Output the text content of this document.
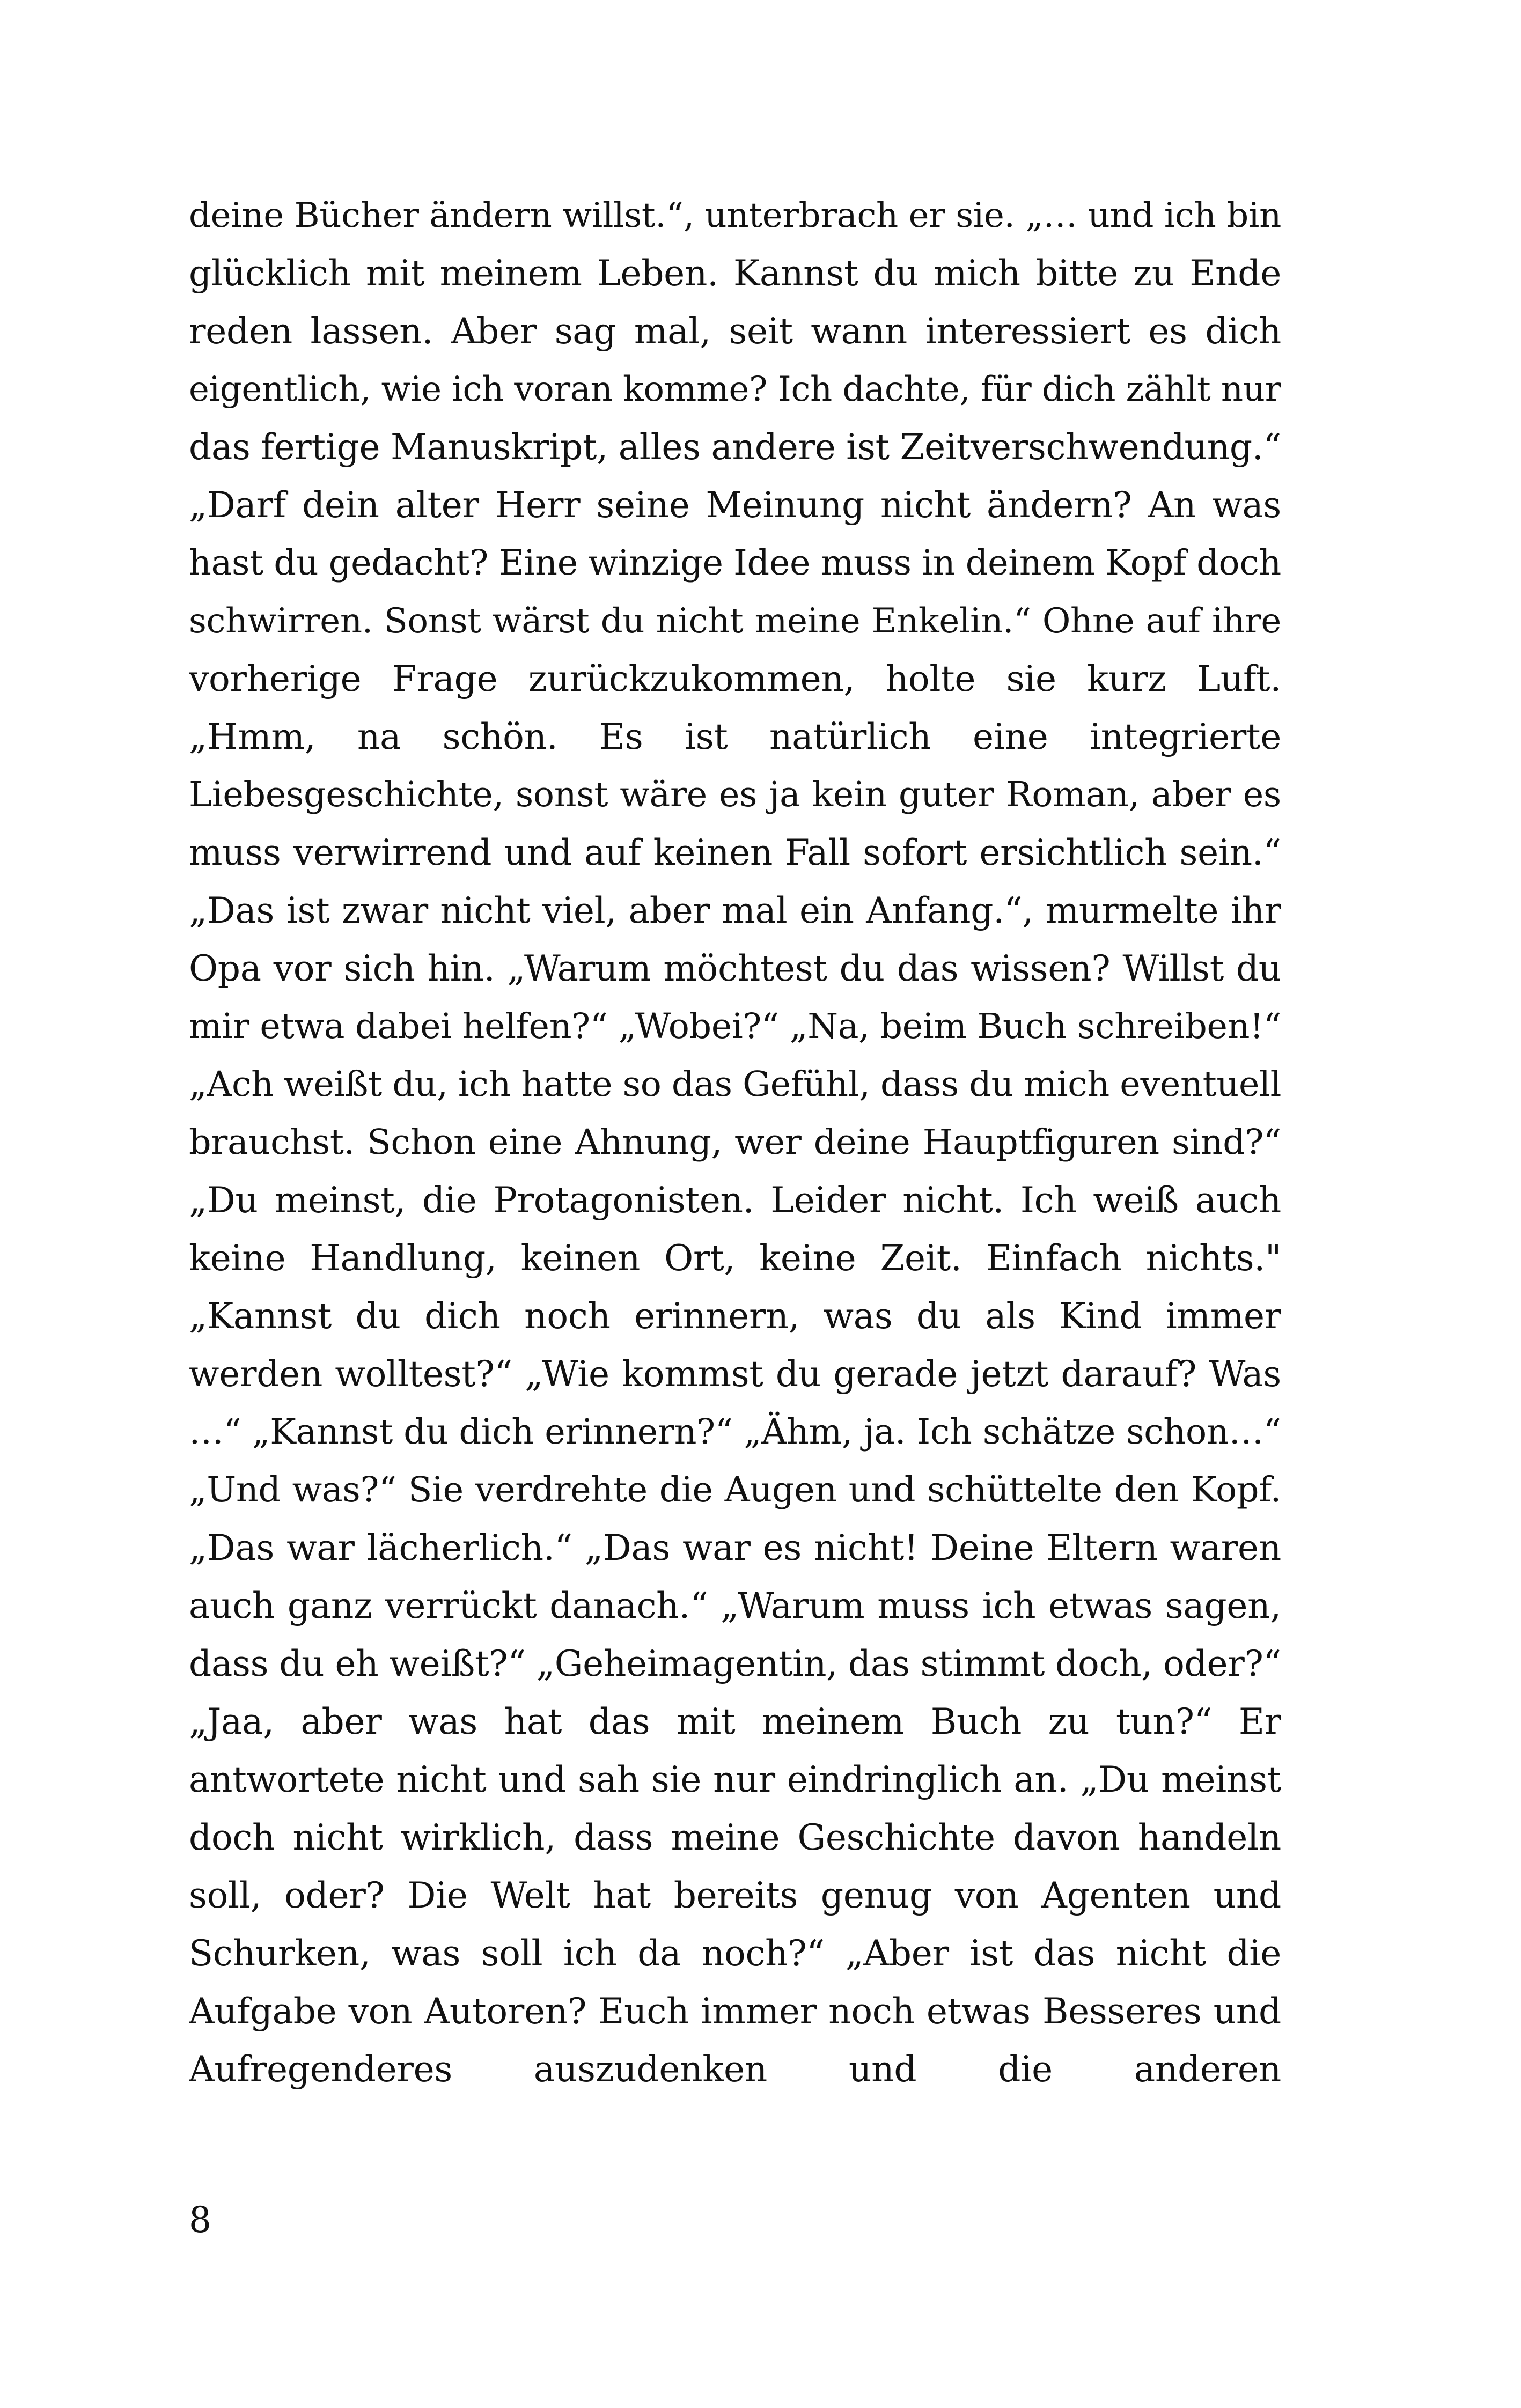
deine Bücher ändern willst.“, unterbrach er sie. „… und ich bin
glücklich mit meinem Leben. Kannst du mich bitte zu Ende
reden lassen. Aber sag mal, seit wann interessiert es dich
eigentlich, wie ich voran komme? Ich dachte, für dich zählt nur
das fertige Manuskript, alles andere ist Zeitverschwendung.“
„Darf dein alter Herr seine Meinung nicht ändern? An was
hast du gedacht? Eine winzige Idee muss in deinem Kopf doch
schwirren. Sonst wärst du nicht meine Enkelin.“ Ohne auf ihre
vorherige Frage zurückzukommen, holte sie kurz Luft.
„Hmm, na schön. Es ist natürlich eine integrierte
Liebesgeschichte, sonst wäre es ja kein guter Roman, aber es
muss verwirrend und auf keinen Fall sofort ersichtlich sein.“
„Das ist zwar nicht viel, aber mal ein Anfang.“, murmelte ihr
Opa vor sich hin. „Warum möchtest du das wissen? Willst du
mir etwa dabei helfen?“ „Wobei?“ „Na, beim Buch schreiben!“
„Ach weißt du, ich hatte so das Gefühl, dass du mich eventuell
brauchst. Schon eine Ahnung, wer deine Hauptfiguren sind?“
„Du meinst, die Protagonisten. Leider nicht. Ich weiß auch
keine Handlung, keinen Ort, keine Zeit. Einfach nichts."
„Kannst du dich noch erinnern, was du als Kind immer
werden wolltest?“ „Wie kommst du gerade jetzt darauf? Was
…“ „Kannst du dich erinnern?“ „Ähm, ja. Ich schätze schon…“
„Und was?“ Sie verdrehte die Augen und schüttelte den Kopf.
„Das war lächerlich.“ „Das war es nicht! Deine Eltern waren
auch ganz verrückt danach.“ „Warum muss ich etwas sagen,
dass du eh weißt?“ „Geheimagentin, das stimmt doch, oder?“
„Jaa, aber was hat das mit meinem Buch zu tun?“ Er
antwortete nicht und sah sie nur eindringlich an. „Du meinst
doch nicht wirklich, dass meine Geschichte davon handeln
soll, oder? Die Welt hat bereits genug von Agenten und
Schurken, was soll ich da noch?“ „Aber ist das nicht die
Aufgabe von Autoren? Euch immer noch etwas Besseres und
Aufregenderes auszudenken und die anderen
8
